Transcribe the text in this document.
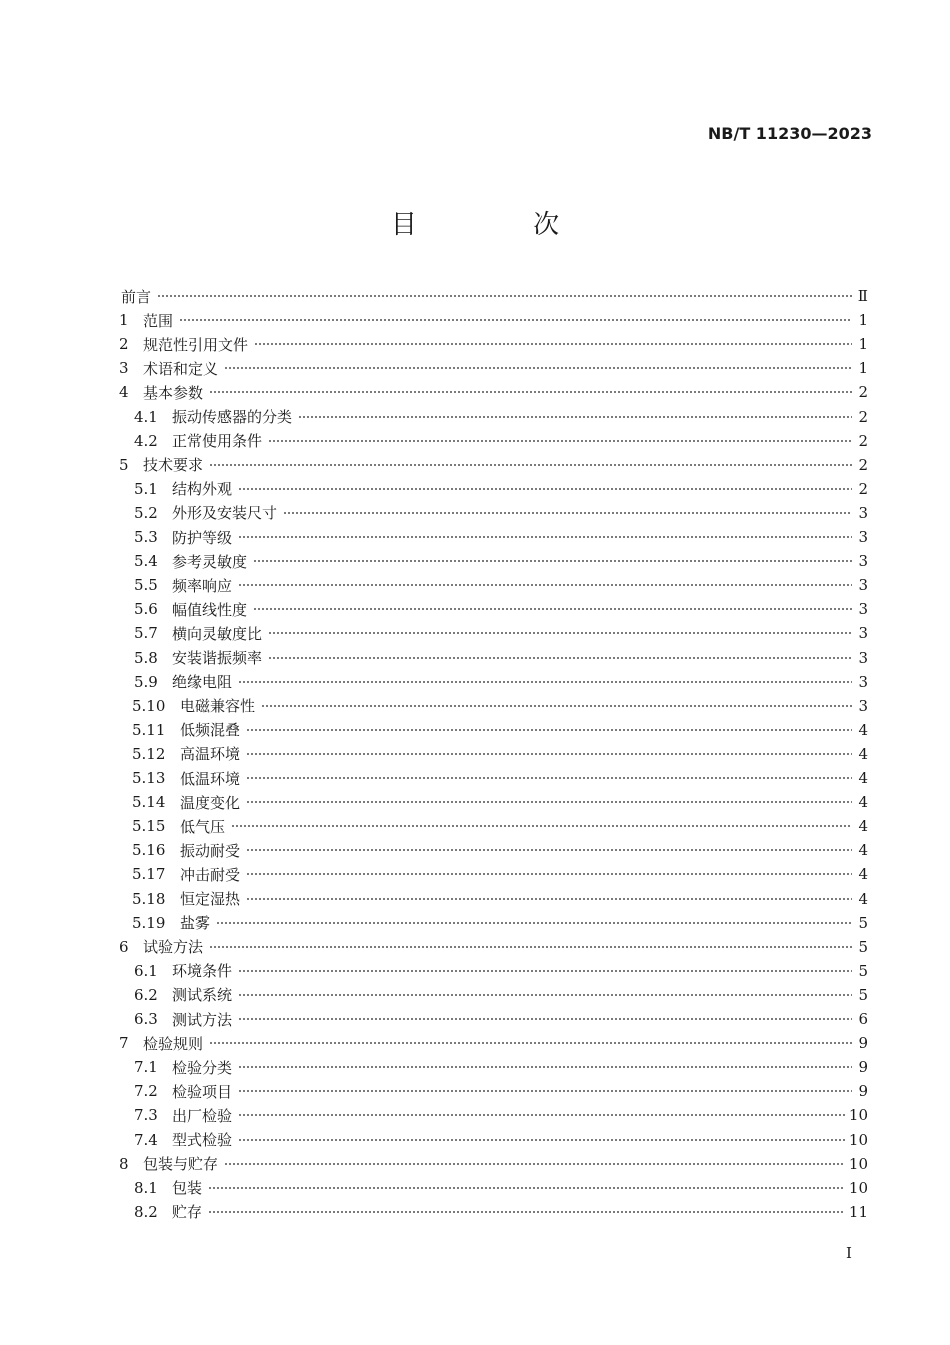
NB/T 11230—2023
目 次
前言	Ⅱ
1 范围	1
2 规范性引用文件	1
3 术语和定义	1
4 基本参数	2
4.1 振动传感器的分类	2
4.2 正常使用条件	2
5 技术要求	2
5.1 结构外观	2
5.2 外形及安装尺寸	3
5.3 防护等级	3
5.4 参考灵敏度	3
5.5 频率响应	3
5.6 幅值线性度	3
5.7 横向灵敏度比	3
5.8 安装谐振频率	3
5.9 绝缘电阻	3
5.10 电磁兼容性	3
5.11 低频混叠	4
5.12 高温环境	4
5.13 低温环境	4
5.14 温度变化	4
5.15 低气压	4
5.16 振动耐受	4
5.17 冲击耐受	4
5.18 恒定湿热	4
5.19 盐雾	5
6 试验方法	5
6.1 环境条件	5
6.2 测试系统	5
6.3 测试方法	6
7 检验规则	9
7.1 检验分类	9
7.2 检验项目	9
7.3 出厂检验	10
7.4 型式检验	10
8 包装与贮存	10
8.1 包装	10
8.2 贮存	11
I
